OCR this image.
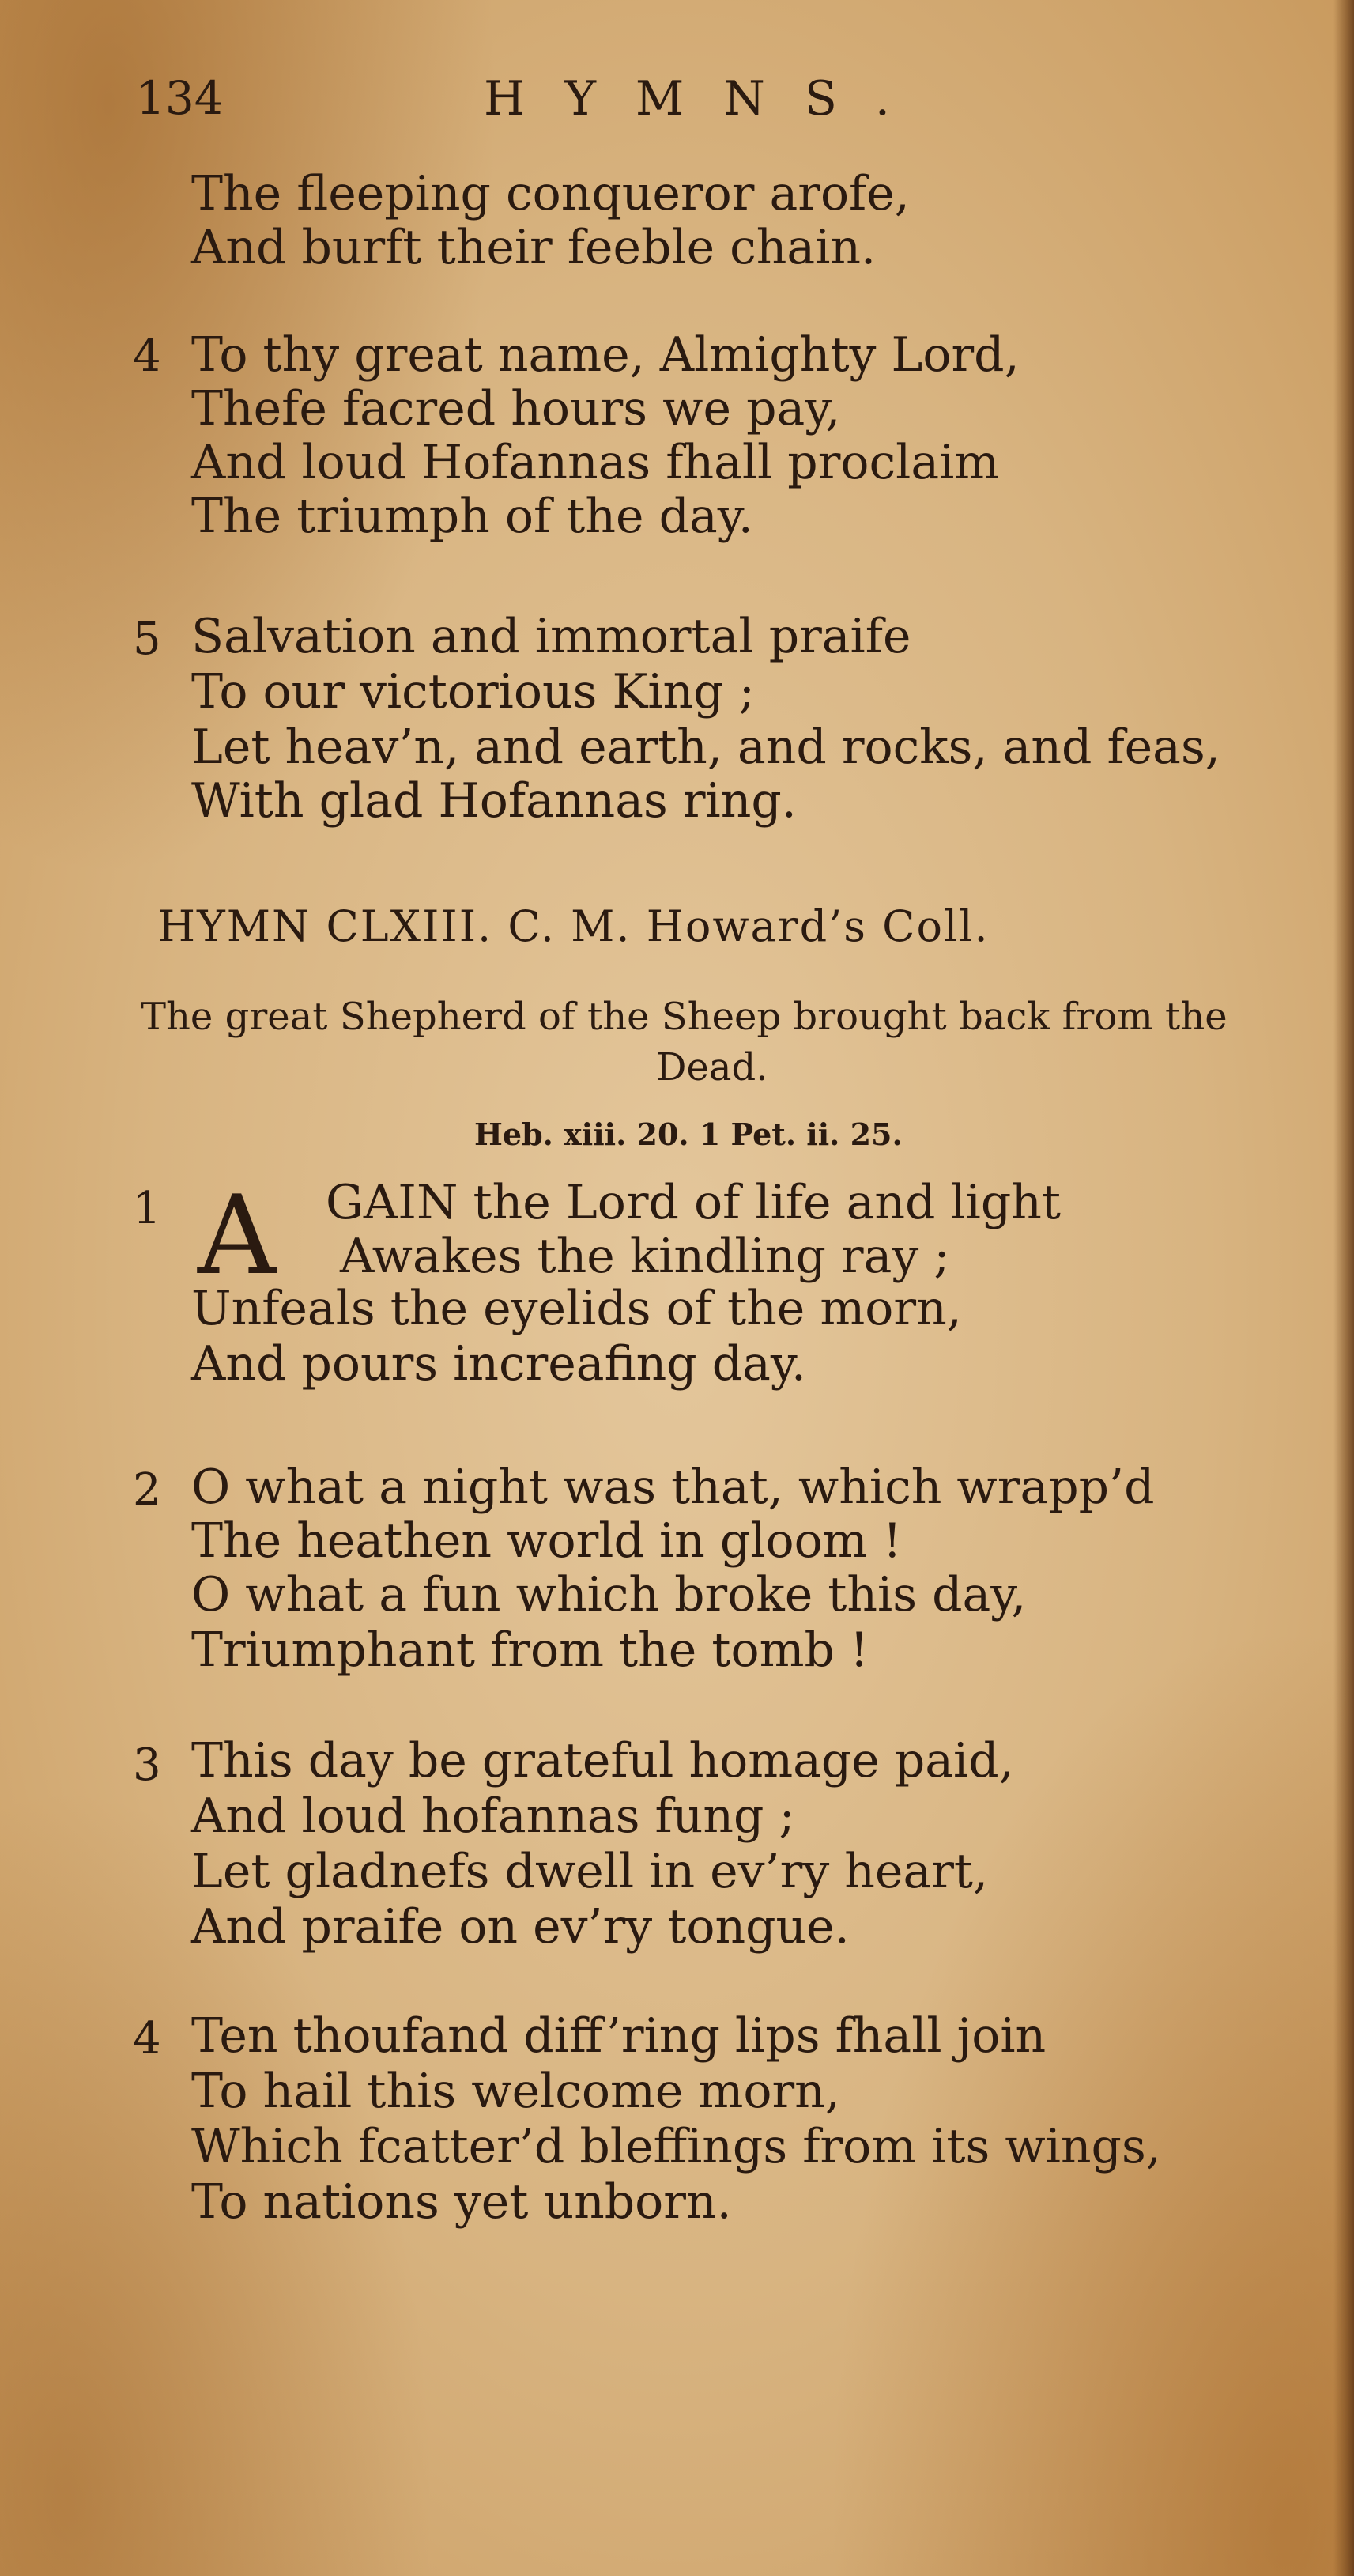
134	HYMNS.
The fleeping conqueror arofe,
And burft their feeble chain.
4 To thy great name, Almighty Lord,
Thefe facred hours we pay,
And loud Hofannas fhall proclaim
The triumph of the day.
5 Salvation and immortal praife
To our victorious King ;
Let heav’n, and earth, and rocks, and feas,
With glad Hofannas ring.
HYMN CLXIII. C. M. Howard’s Coll.
The great Shepherd of the Sheep brought back from the
Dead.
Heb. xiii. 20. 1 Pet. ii. 25.
1 A GAIN the Lord of life and light
Awakes the kindling ray ;
Unfeals the eyelids of the morn,
And pours increafing day.
2 O what a night was that, which wrapp’d
The heathen world in gloom !
O what a fun which broke this day,
Triumphant from the tomb !
3 This day be grateful homage paid,
And loud hofannas fung ;
Let gladnefs dwell in ev’ry heart,
And praife on ev’ry tongue.
4 Ten thoufand diff’ring lips fhall join
To hail this welcome morn,
Which fcatter’d bleffings from its wings,
To nations yet unborn.
